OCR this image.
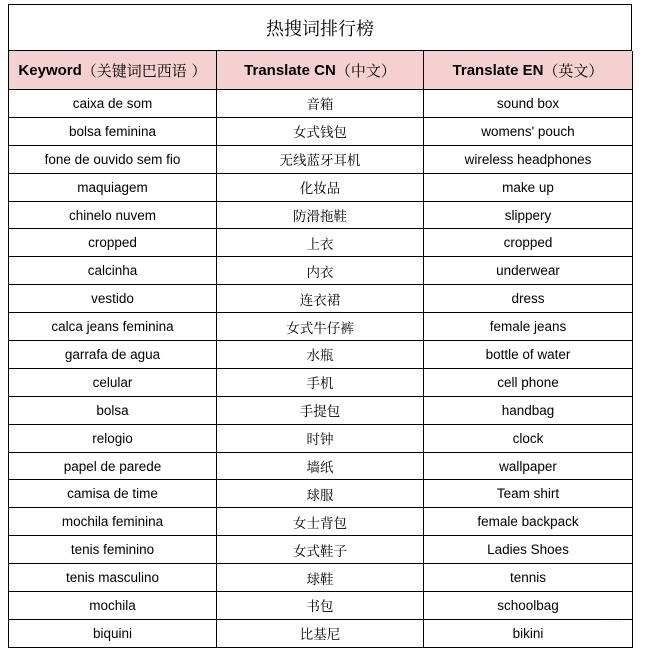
热搜词排行榜
Keyword （关键词巴西语 ）	Translate CN （中文）	Translate EN （英文）
caixa de som	音箱	sound box
bolsa feminina	女式钱包	womens' pouch
fone de ouvido sem fio	无线蓝牙耳机	wireless headphones
maquiagem	化妆品	make up
chinelo nuvem	防滑拖鞋	slippery
cropped	上衣	cropped
calcinha	内衣	underwear
vestido	连衣裙	dress
calca jeans feminina	女式牛仔裤	female jeans
garrafa de agua	水瓶	bottle of water
celular	手机	cell phone
bolsa	手提包	handbag
relogio	时钟	clock
papel de parede	墙纸	wallpaper
camisa de time	球服	Team shirt
mochila feminina	女士背包	female backpack
tenis feminino	女式鞋子	Ladies Shoes
tenis masculino	球鞋	tennis
mochila	书包	schoolbag
biquini	比基尼	bikini
······
